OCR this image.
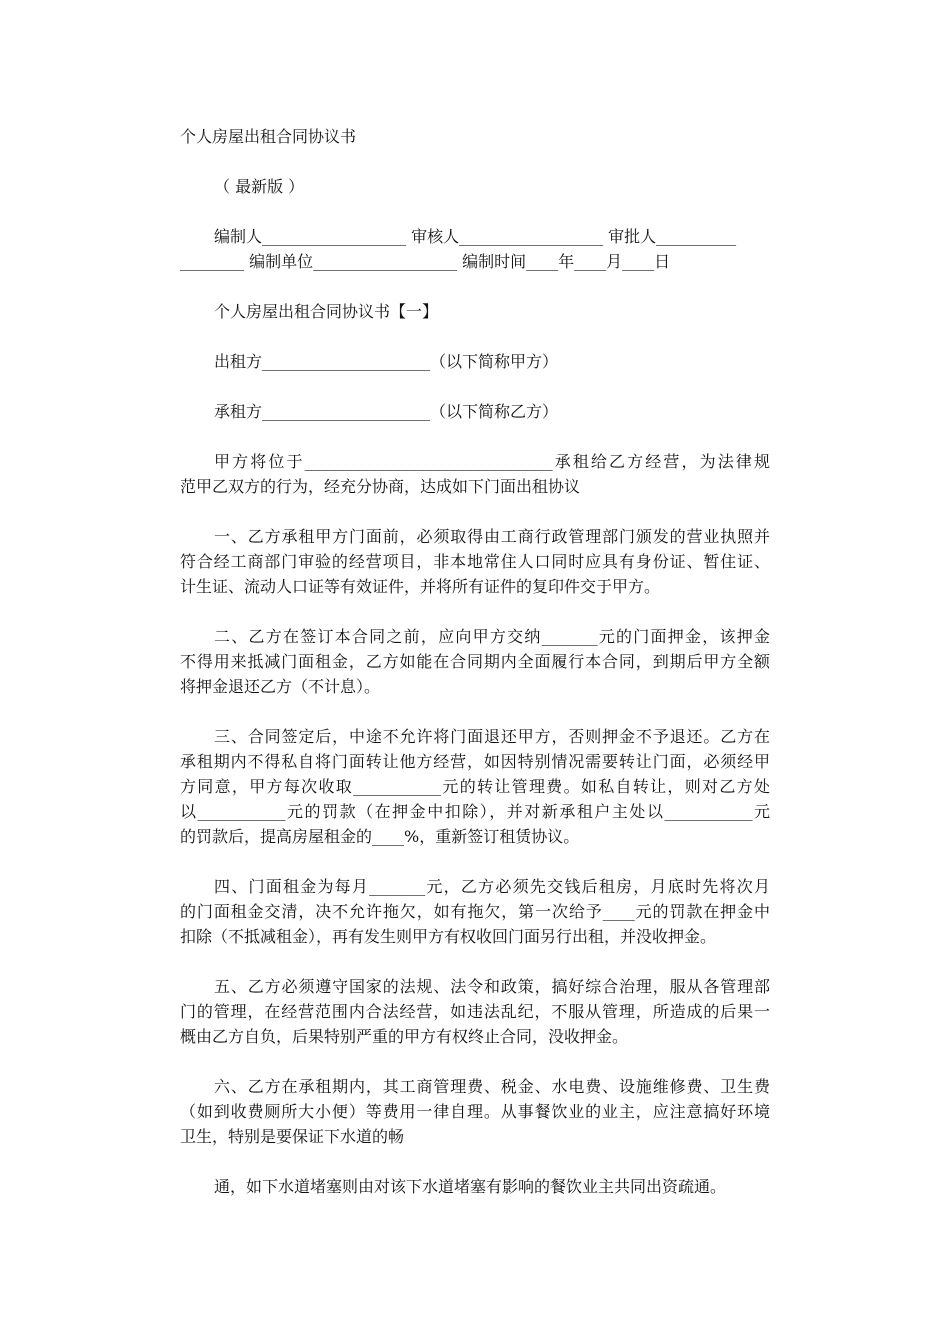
个人房屋出租合同协议书
（ 最新版 ）
编制人__________________ 审核人__________________ 审批人__________
________ 编制单位__________________ 编制时间____年____月____日
个人房屋出租合同协议书【一】
出租方_____________________（以下简称甲方）
承租方_____________________（以下简称乙方）
甲方将位于_______________________________承租给乙方经营，为法律规
范甲乙双方的行为，经充分协商，达成如下门面出租协议
一、乙方承租甲方门面前，必须取得由工商行政管理部门颁发的营业执照并
符合经工商部门审验的经营项目，非本地常住人口同时应具有身份证、暂住证、
计生证、流动人口证等有效证件，并将所有证件的复印件交于甲方。
二、乙方在签订本合同之前，应向甲方交纳_______元的门面押金，该押金
不得用来抵减门面租金，乙方如能在合同期内全面履行本合同，到期后甲方全额
将押金退还乙方（不计息）。
三、合同签定后，中途不允许将门面退还甲方，否则押金不予退还。乙方在
承租期内不得私自将门面转让他方经营，如因特别情况需要转让门面，必须经甲
方同意，甲方每次收取___________元的转让管理费。如私自转让，则对乙方处
以___________元的罚款（在押金中扣除），并对新承租户主处以___________元
的罚款后，提高房屋租金的____%，重新签订租赁协议。
四、门面租金为每月_______元，乙方必须先交钱后租房，月底时先将次月
的门面租金交清，决不允许拖欠，如有拖欠，第一次给予____元的罚款在押金中
扣除（不抵减租金），再有发生则甲方有权收回门面另行出租，并没收押金。
五、乙方必须遵守国家的法规、法令和政策，搞好综合治理，服从各管理部
门的管理，在经营范围内合法经营，如违法乱纪，不服从管理，所造成的后果一
概由乙方自负，后果特别严重的甲方有权终止合同，没收押金。
六、乙方在承租期内，其工商管理费、税金、水电费、设施维修费、卫生费
（如到收费厕所大小便）等费用一律自理。从事餐饮业的业主，应注意搞好环境
卫生，特别是要保证下水道的畅
通，如下水道堵塞则由对该下水道堵塞有影响的餐饮业主共同出资疏通。
